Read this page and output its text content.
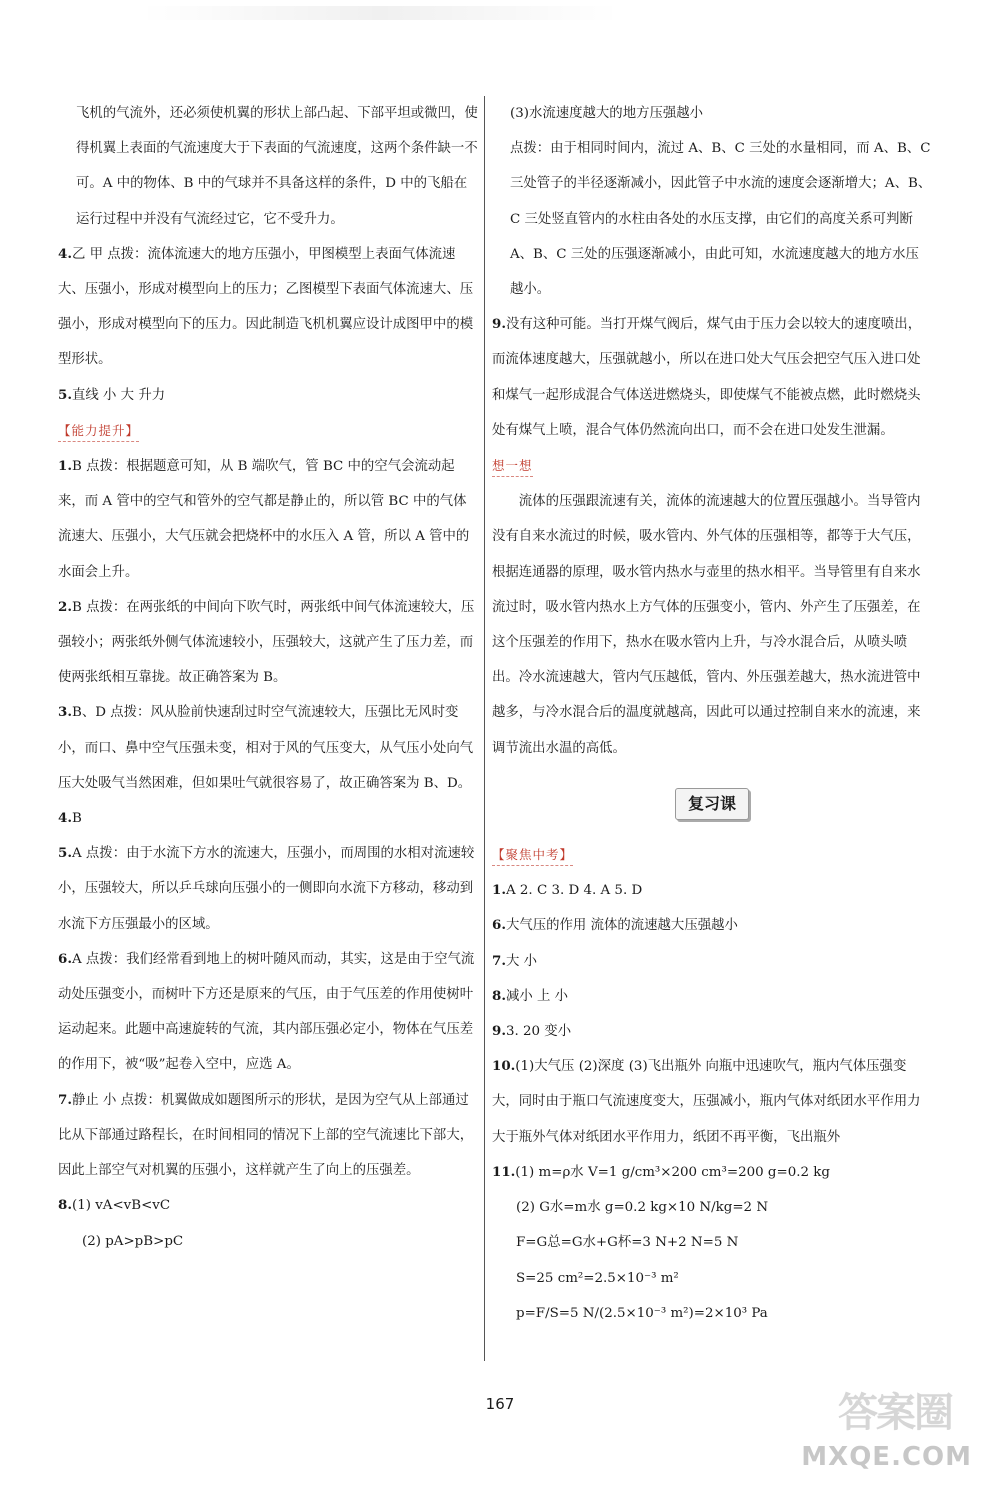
飞机的气流外，还必须使机翼的形状上部凸起、下部平坦或微凹，使得机翼上表面的气流速度大于下表面的气流速度，这两个条件缺一不可。A 中的物体、B 中的气球并不具备这样的条件，D 中的飞船在运行过程中并没有气流经过它，它不受升力。

4.乙 甲 点拨：流体流速大的地方压强小，甲图模型上表面气体流速大、压强小，形成对模型向上的压力；乙图模型下表面气体流速大、压强小，形成对模型向下的压力。因此制造飞机机翼应设计成图甲中的模型形状。

5.直线 小 大 升力

【能力提升】

1.B 点拨：根据题意可知，从 B 端吹气，管 BC 中的空气会流动起来，而 A 管中的空气和管外的空气都是静止的，所以管 BC 中的气体流速大、压强小，大气压就会把烧杯中的水压入 A 管，所以 A 管中的水面会上升。

2.B 点拨：在两张纸的中间向下吹气时，两张纸中间气体流速较大，压强较小；两张纸外侧气体流速较小，压强较大，这就产生了压力差，而使两张纸相互靠拢。故正确答案为 B。

3.B、D 点拨：风从脸前快速刮过时空气流速较大，压强比无风时变小，而口、鼻中空气压强未变，相对于风的气压变大，从气压小处向气压大处吸气当然困难，但如果吐气就很容易了，故正确答案为 B、D。

4.B

5.A 点拨：由于水流下方水的流速大，压强小，而周围的水相对流速较小，压强较大，所以乒乓球向压强小的一侧即向水流下方移动，移动到水流下方压强最小的区域。

6.A 点拨：我们经常看到地上的树叶随风而动，其实，这是由于空气流动处压强变小，而树叶下方还是原来的气压，由于气压差的作用使树叶运动起来。此题中高速旋转的气流，其内部压强必定小，物体在气压差的作用下，被“吸”起卷入空中，应选 A。

7.静止 小 点拨：机翼做成如题图所示的形状，是因为空气从上部通过比从下部通过路程长，在时间相同的情况下上部的空气流速比下部大，因此上部空气对机翼的压强小，这样就产生了向上的压强差。

8.(1) vA<vB<vC

(2) pA>pB>pC

(3)水流速度越大的地方压强越小

点拨：由于相同时间内，流过 A、B、C 三处的水量相同，而 A、B、C 三处管子的半径逐渐减小，因此管子中水流的速度会逐渐增大；A、B、C 三处竖直管内的水柱由各处的水压支撑，由它们的高度关系可判断 A、B、C 三处的压强逐渐减小，由此可知，水流速度越大的地方水压越小。

9.没有这种可能。当打开煤气阀后，煤气由于压力会以较大的速度喷出，而流体速度越大，压强就越小，所以在进口处大气压会把空气压入进口处和煤气一起形成混合气体送进燃烧头，即使煤气不能被点燃，此时燃烧头处有煤气上喷，混合气体仍然流向出口，而不会在进口处发生泄漏。

想一想

流体的压强跟流速有关，流体的流速越大的位置压强越小。当导管内没有自来水流过的时候，吸水管内、外气体的压强相等，都等于大气压，根据连通器的原理，吸水管内热水与壶里的热水相平。当导管里有自来水流过时，吸水管内热水上方气体的压强变小，管内、外产生了压强差，在这个压强差的作用下，热水在吸水管内上升，与冷水混合后，从喷头喷出。冷水流速越大，管内气压越低，管内、外压强差越大，热水流进管中越多，与冷水混合后的温度就越高，因此可以通过控制自来水的流速，来调节流出水温的高低。

复习课

【聚焦中考】

1.A 2. C 3. D 4. A 5. D

6.大气压的作用 流体的流速越大压强越小

7.大 小

8.减小 上 小

9.3. 20 变小

10.(1)大气压 (2)深度 (3)飞出瓶外 向瓶中迅速吹气，瓶内气体压强变大，同时由于瓶口气流速度变大，压强减小，瓶内气体对纸团水平作用力大于瓶外气体对纸团水平作用力，纸团不再平衡，飞出瓶外

11.(1) m=ρ水 V=1 g/cm³×200 cm³=200 g=0.2 kg

(2) G水=m水 g=0.2 kg×10 N/kg=2 N

F=G总=G水+G杯=3 N+2 N=5 N

S=25 cm²=2.5×10⁻³ m²

p=F/S=5 N/(2.5×10⁻³ m²)=2×10³ Pa

167	答案圈
MXQE.COM
